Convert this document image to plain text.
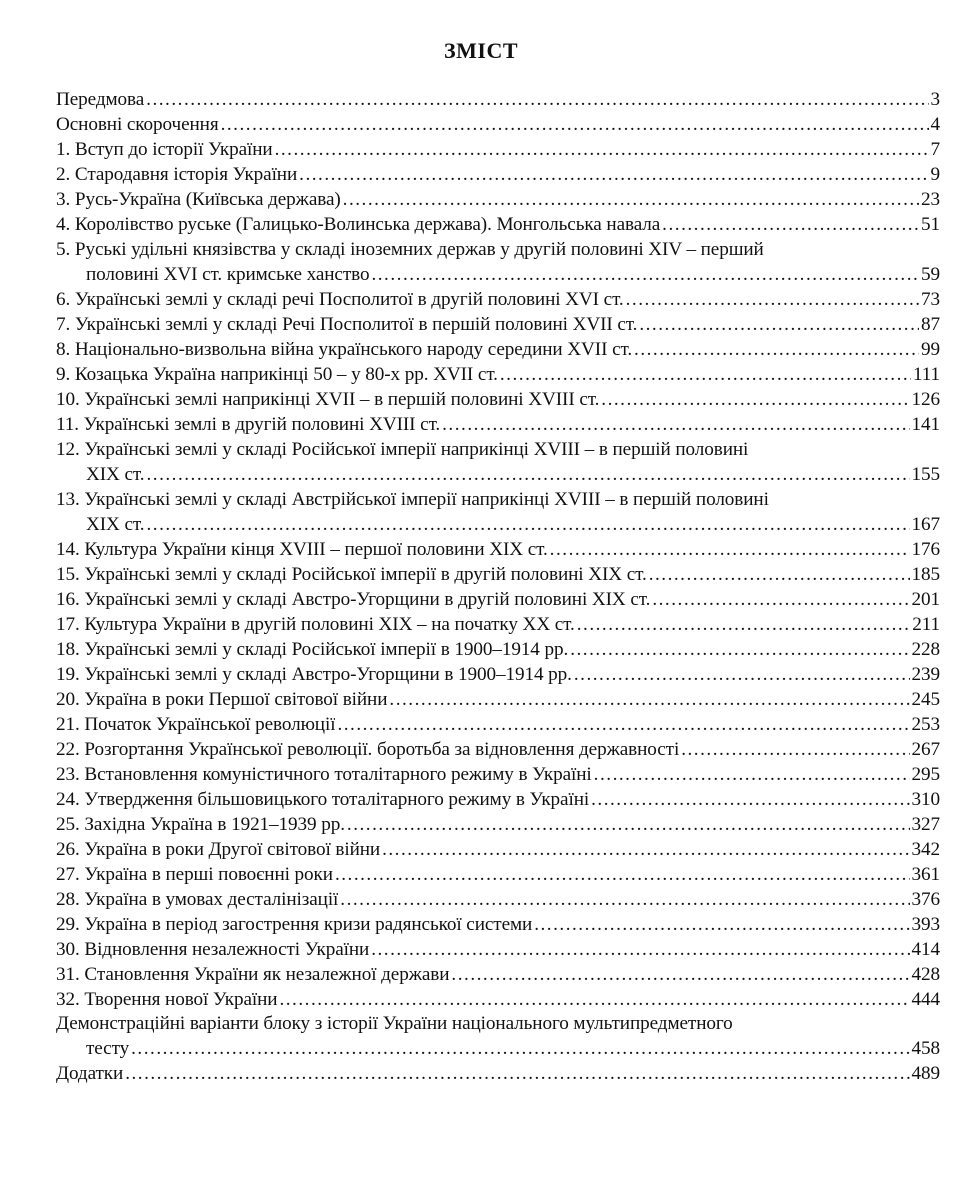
ЗМІСТ
Передмова .....	3
Основні скорочення .....	4
1. Вступ до історії України .....	7
2. Стародавня історія України .....	9
3. Русь-Україна (Київська держава) .....	23
4. Королівство руське (Галицько-Волинська держава). Монгольська навала .....	51
5. Руські удільні князівства у складі іноземних держав у другій половині XIV – перший
половині XVI ст. кримське ханство .....	59
6. Українські землі у складі речі Посполитої в другій половині XVI ст. .....	73
7. Українські землі у складі Речі Посполитої в першій половині XVII ст. .....	87
8. Національно-визвольна війна українського народу середини XVII ст. .....	99
9. Козацька Україна наприкінці 50 – у 80-х рр. XVII ст. .....	111
10. Українські землі наприкінці XVII – в першій половині XVIII ст. .....	126
11. Українські землі в другій половині XVIII ст. .....	141
12. Українські землі у складі Російської імперії наприкінці XVIII – в першій половині
XIX ст. .....	155
13. Українські землі у складі Австрійської імперії наприкінці XVIII – в першій половині
XIX ст. .....	167
14. Культура України кінця XVIII – першої половини XIX ст. .....	176
15. Українські землі у складі Російської імперії в другій половині XIX ст. .....	185
16. Українські землі у складі Австро-Угорщини в другій половині XIX ст. .....	201
17. Культура України в другій половині XIX – на початку XX ст. .....	211
18. Українські землі у складі Російської імперії в 1900–1914 рр. .....	228
19. Українські землі у складі Австро-Угорщини в 1900–1914 рр. .....	239
20. Україна в роки Першої світової війни .....	245
21. Початок Української революції .....	253
22. Розгортання Української революції. боротьба за відновлення державності .....	267
23. Встановлення комуністичного тоталітарного режиму в Україні .....	295
24. Утвердження більшовицького тоталітарного режиму в Україні .....	310
25. Західна Україна в 1921–1939 рр. .....	327
26. Україна в роки Другої світової війни .....	342
27. Україна в перші повоєнні роки .....	361
28. Україна в умовах десталінізації .....	376
29. Україна в період загострення кризи радянської системи .....	393
30. Відновлення незалежності України .....	414
31. Становлення України як незалежної держави .....	428
32. Творення нової України .....	444
Демонстраційні варіанти блоку з історії України національного мультипредметного
тесту .....	458
Додатки .....	489
